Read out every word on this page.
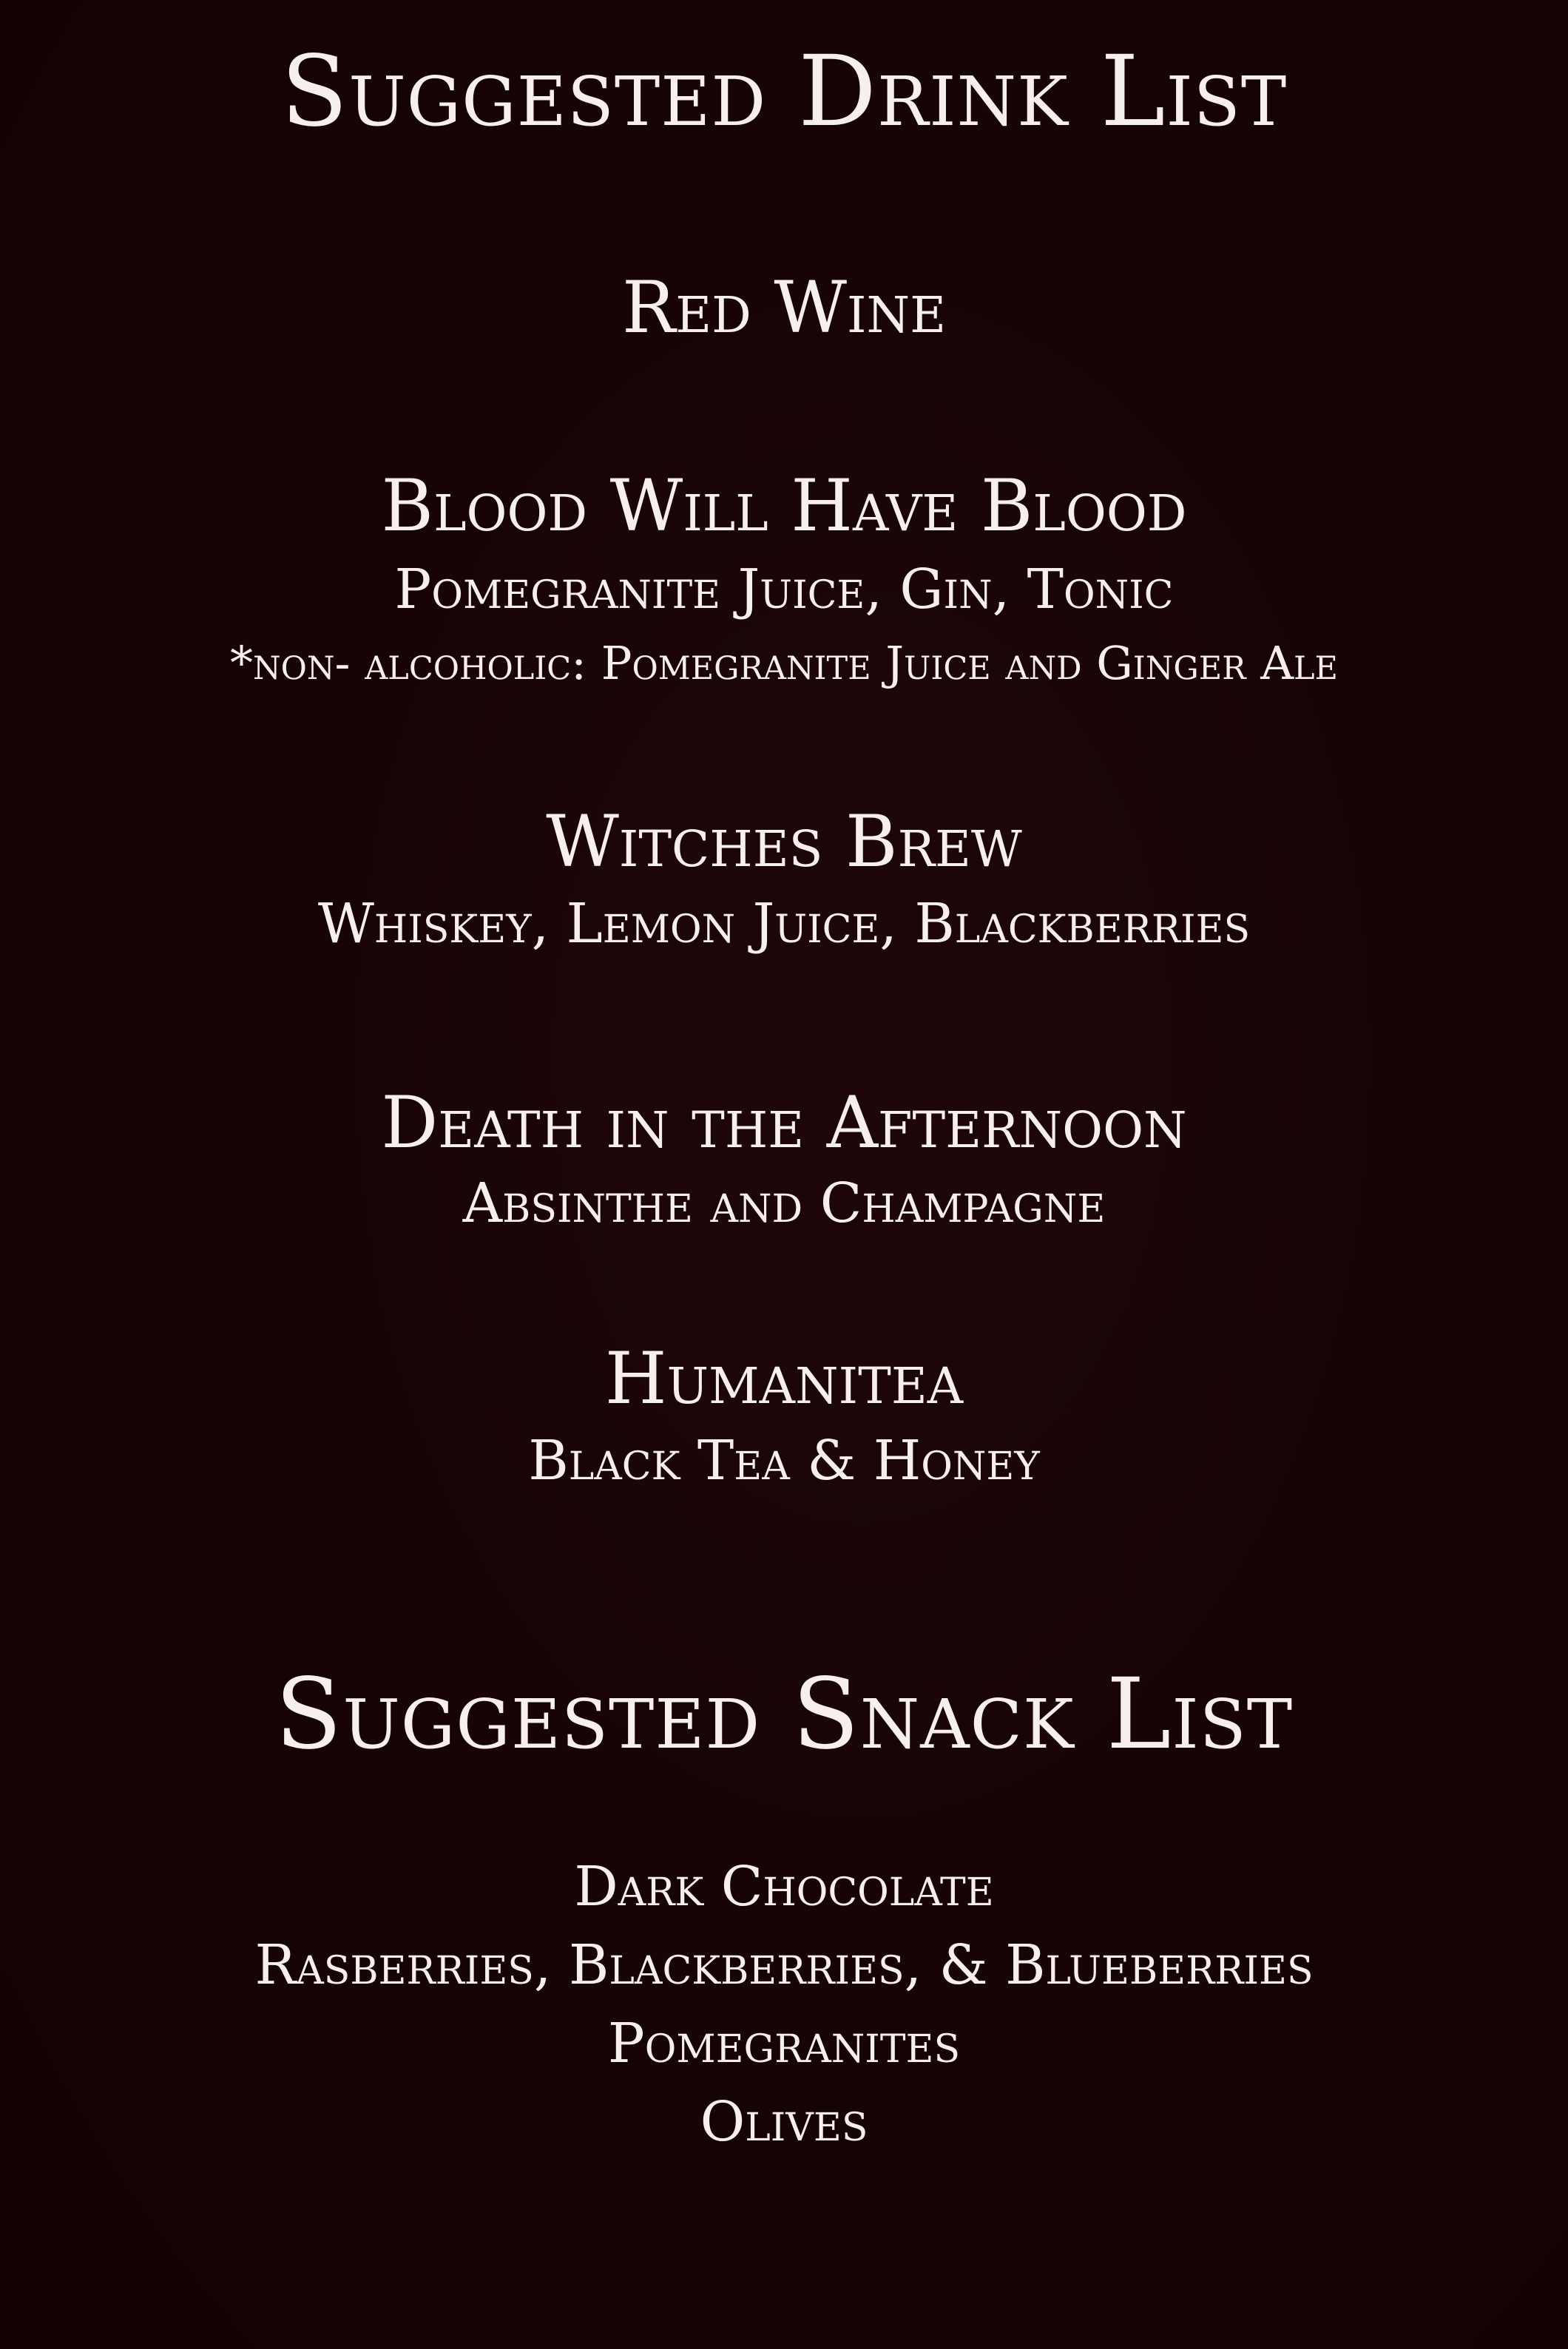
Suggested Drink List
Red Wine
Blood Will Have Blood
Pomegranite Juice, Gin, Tonic
*non- alcoholic: Pomegranite Juice and Ginger Ale
Witches Brew
Whiskey, Lemon Juice, Blackberries
Death in the Afternoon
Absinthe and Champagne
Humanitea
Black Tea & Honey
Suggested Snack List
Dark Chocolate
Rasberries, Blackberries, & Blueberries
Pomegranites
Olives
